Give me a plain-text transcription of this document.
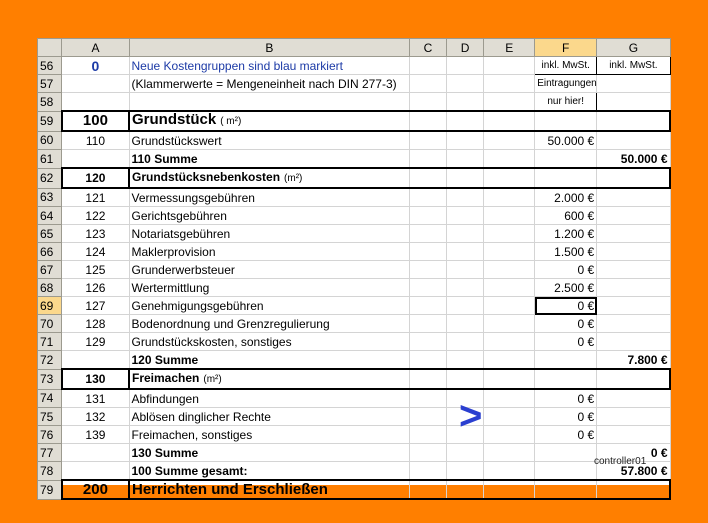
	A	B	C	D	E	F	G
56	0	Neue Kostengruppen sind blau markiert				inkl. MwSt.	inkl. MwSt.
57		(Klammerwerte = Mengeneinheit nach DIN 277-3)				Eintragungen	
58						nur hier!	
59	100	Grundstück ( m²)					
60	110	Grundstückswert				50.000 €	
61		110 Summe					50.000 €
62	120	Grundstücksnebenkosten (m²)					
63	121	Vermessungsgebühren				2.000 €	
64	122	Gerichtsgebühren				600 €	
65	123	Notariatsgebühren				1.200 €	
66	124	Maklerprovision				1.500 €	
67	125	Grunderwerbsteuer				0 €	
68	126	Wertermittlung				2.500 €	
69	127	Genehmigungsgebühren				0 €	
70	128	Bodenordnung und Grenzregulierung				0 €	
71	129	Grundstückskosten, sonstiges				0 €	
72		120 Summe					7.800 €
73	130	Freimachen (m²)					
74	131	Abfindungen				0 €	
75	132	Ablösen dinglicher Rechte				0 €	
76	139	Freimachen, sonstiges				0 €	
77		130 Summe					0 €
78		100 Summe gesamt:					57.800 €
79	200	Herrichten und Erschließen					
>
controller01
